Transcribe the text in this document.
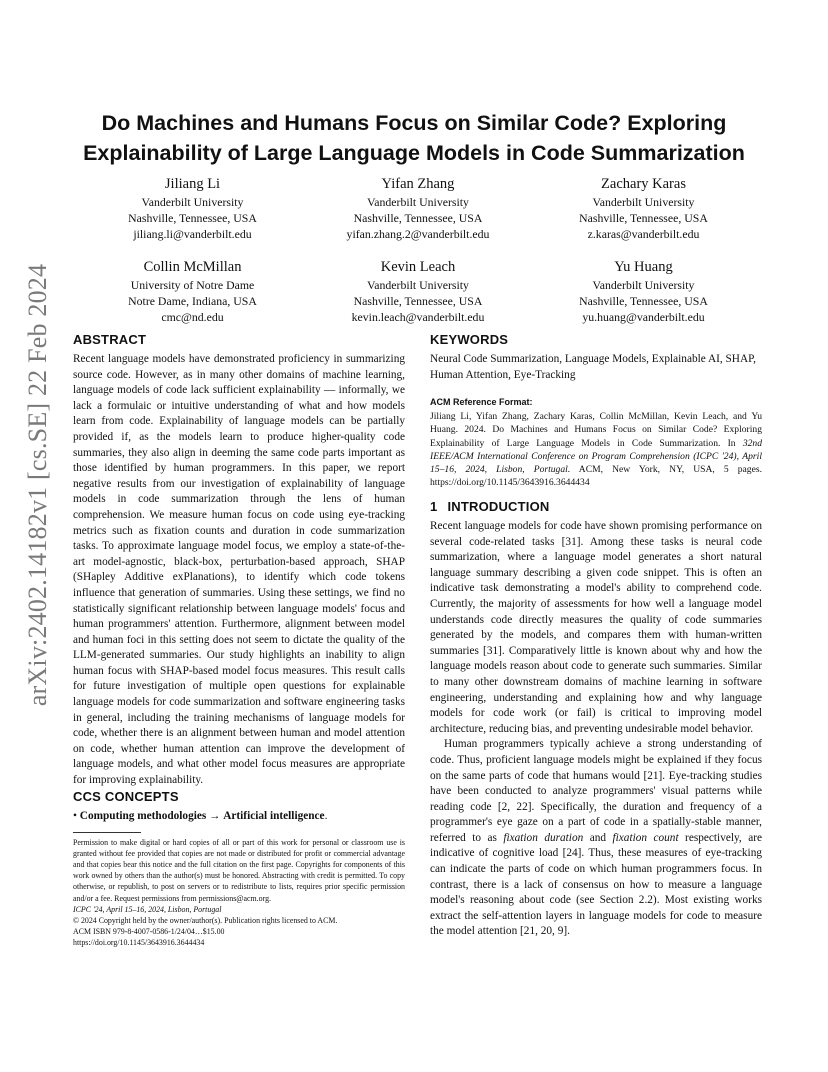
arXiv:2402.14182v1 [cs.SE] 22 Feb 2024
Do Machines and Humans Focus on Similar Code? Exploring Explainability of Large Language Models in Code Summarization
Jiliang Li
Vanderbilt University
Nashville, Tennessee, USA
jiliang.li@vanderbilt.edu
Yifan Zhang
Vanderbilt University
Nashville, Tennessee, USA
yifan.zhang.2@vanderbilt.edu
Zachary Karas
Vanderbilt University
Nashville, Tennessee, USA
z.karas@vanderbilt.edu
Collin McMillan
University of Notre Dame
Notre Dame, Indiana, USA
cmc@nd.edu
Kevin Leach
Vanderbilt University
Nashville, Tennessee, USA
kevin.leach@vanderbilt.edu
Yu Huang
Vanderbilt University
Nashville, Tennessee, USA
yu.huang@vanderbilt.edu
ABSTRACT

Recent language models have demonstrated proficiency in summarizing source code. However, as in many other domains of machine learning, language models of code lack sufficient explainability — informally, we lack a formulaic or intuitive understanding of what and how models learn from code. Explainability of language models can be partially provided if, as the models learn to produce higher-quality code summaries, they also align in deeming the same code parts important as those identified by human programmers. In this paper, we report negative results from our investigation of explainability of language models in code summarization through the lens of human comprehension. We measure human focus on code using eye-tracking metrics such as fixation counts and duration in code summarization tasks. To approximate language model focus, we employ a state-of-the-art model-agnostic, black-box, perturbation-based approach, SHAP (SHapley Additive exPlanations), to identify which code tokens influence that generation of summaries. Using these settings, we find no statistically significant relationship between language models' focus and human programmers' attention. Furthermore, alignment between model and human foci in this setting does not seem to dictate the quality of the LLM-generated summaries. Our study highlights an inability to align human focus with SHAP-based model focus measures. This result calls for future investigation of multiple open questions for explainable language models for code summarization and software engineering tasks in general, including the training mechanisms of language models for code, whether there is an alignment between human and model attention on code, whether human attention can improve the development of language models, and what other model focus measures are appropriate for improving explainability.

CCS CONCEPTS
• Computing methodologies → Artificial intelligence.
Permission to make digital or hard copies of all or part of this work for personal or classroom use is granted without fee provided that copies are not made or distributed for profit or commercial advantage and that copies bear this notice and the full citation on the first page. Copyrights for components of this work owned by others than the author(s) must be honored. Abstracting with credit is permitted. To copy otherwise, or republish, to post on servers or to redistribute to lists, requires prior specific permission and/or a fee. Request permissions from permissions@acm.org.
ICPC '24, April 15–16, 2024, Lisbon, Portugal
© 2024 Copyright held by the owner/author(s). Publication rights licensed to ACM.
ACM ISBN 979-8-4007-0586-1/24/04…$15.00
https://doi.org/10.1145/3643916.3644434
KEYWORDS

Neural Code Summarization, Language Models, Explainable AI, SHAP, Human Attention, Eye-Tracking

ACM Reference Format:

Jiliang Li, Yifan Zhang, Zachary Karas, Collin McMillan, Kevin Leach, and Yu Huang. 2024. Do Machines and Humans Focus on Similar Code? Exploring Explainability of Large Language Models in Code Summarization. In 32nd IEEE/ACM International Conference on Program Comprehension (ICPC '24), April 15–16, 2024, Lisbon, Portugal. ACM, New York, NY, USA, 5 pages. https://doi.org/10.1145/3643916.3644434

1 INTRODUCTION

Recent language models for code have shown promising performance on several code-related tasks [31]. Among these tasks is neural code summarization, where a language model generates a short natural language summary describing a given code snippet. This is often an indicative task demonstrating a model's ability to comprehend code. Currently, the majority of assessments for how well a language model understands code directly measures the quality of code summaries generated by the models, and compares them with human-written summaries [31]. Comparatively little is known about why and how the language models reason about code to generate such summaries. Similar to many other downstream domains of machine learning in software engineering, understanding and explaining how and why language models for code work (or fail) is critical to improving model architecture, reducing bias, and preventing undesirable model behavior.

Human programmers typically achieve a strong understanding of code. Thus, proficient language models might be explained if they focus on the same parts of code that humans would [21]. Eye-tracking studies have been conducted to analyze programmers' visual patterns while reading code [2, 22]. Specifically, the duration and frequency of a programmer's eye gaze on a part of code in a spatially-stable manner, referred to as fixation duration and fixation count respectively, are indicative of cognitive load [24]. Thus, these measures of eye-tracking can indicate the parts of code on which human programmers focus. In contrast, there is a lack of consensus on how to measure a language model's reasoning about code (see Section 2.2). Most existing works extract the self-attention layers in language models for code to measure the model attention [21, 20, 9].
